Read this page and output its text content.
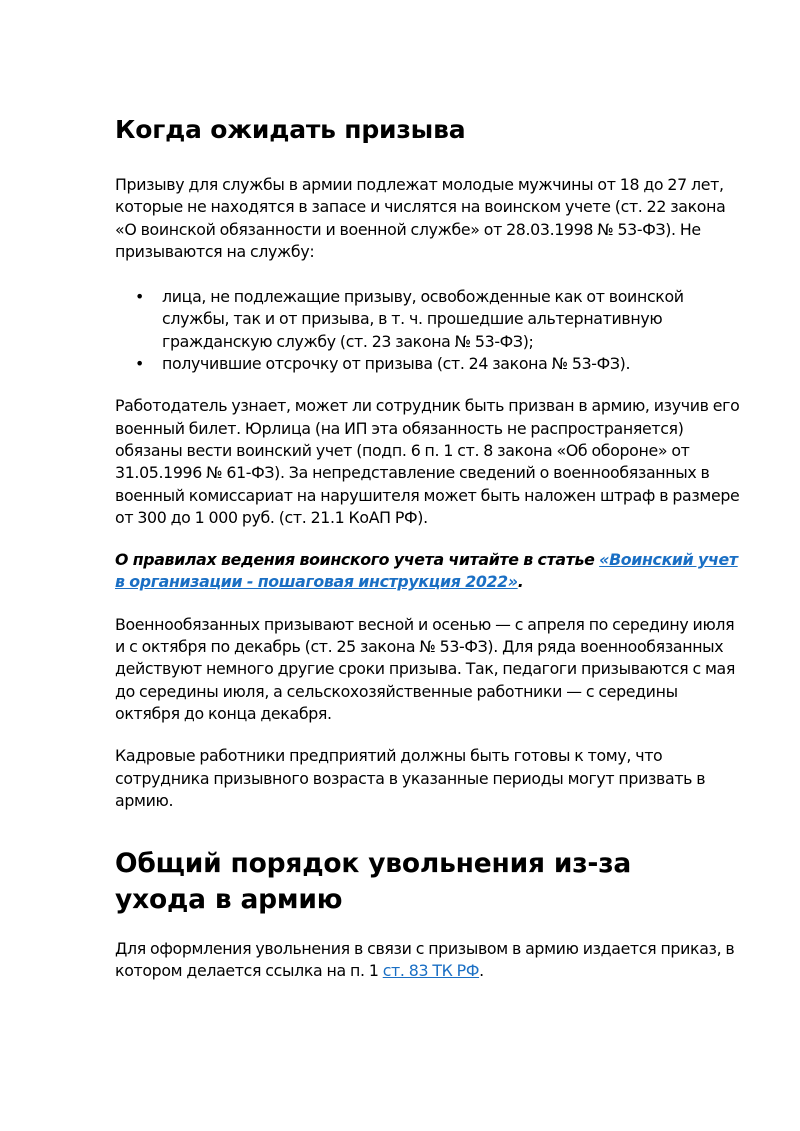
Когда ожидать призыва

Призыву для службы в армии подлежат молодые мужчины от 18 до 27 лет, которые не находятся в запасе и числятся на воинском учете (ст. 22 закона «О воинской обязанности и военной службе» от 28.03.1998 № 53-ФЗ). Не призываются на службу:

• лица, не подлежащие призыву, освобожденные как от воинской службы, так и от призыва, в т. ч. прошедшие альтернативную гражданскую службу (ст. 23 закона № 53-ФЗ);
• получившие отсрочку от призыва (ст. 24 закона № 53-ФЗ).

Работодатель узнает, может ли сотрудник быть призван в армию, изучив его военный билет. Юрлица (на ИП эта обязанность не распространяется) обязаны вести воинский учет (подп. 6 п. 1 ст. 8 закона «Об обороне» от 31.05.1996 № 61-ФЗ). За непредставление сведений о военнообязанных в военный комиссариат на нарушителя может быть наложен штраф в размере от 300 до 1 000 руб. (ст. 21.1 КоАП РФ).

О правилах ведения воинского учета читайте в статье «Воинский учет в организации - пошаговая инструкция 2022».

Военнообязанных призывают весной и осенью — с апреля по середину июля и с октября по декабрь (ст. 25 закона № 53-ФЗ). Для ряда военнообязанных действуют немного другие сроки призыва. Так, педагоги призываются с мая до середины июля, а сельскохозяйственные работники — с середины октября до конца декабря.

Кадровые работники предприятий должны быть готовы к тому, что сотрудника призывного возраста в указанные периоды могут призвать в армию.

Общий порядок увольнения из-за ухода в армию

Для оформления увольнения в связи с призывом в армию издается приказ, в котором делается ссылка на п. 1 ст. 83 ТК РФ.
